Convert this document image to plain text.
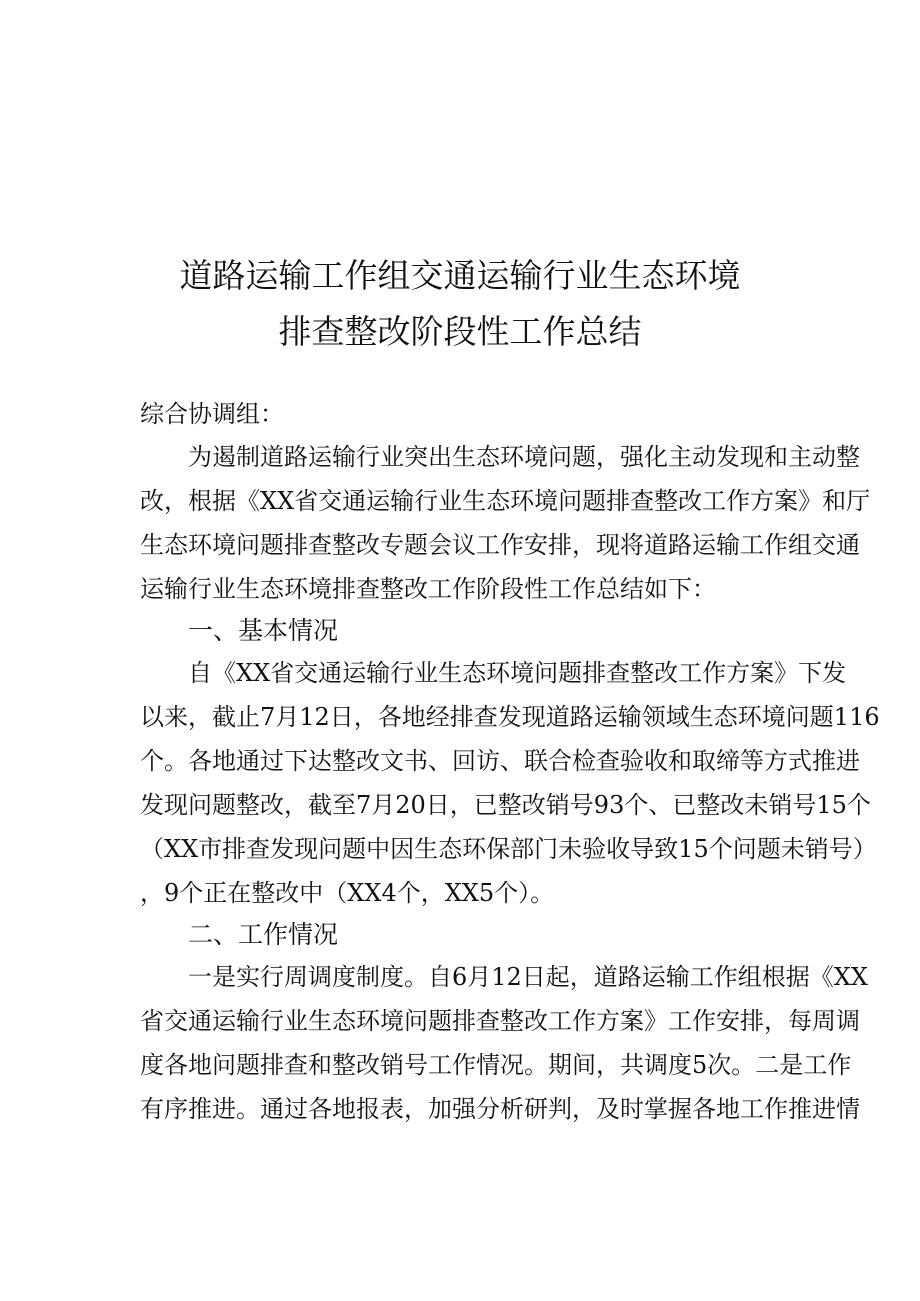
道路运输工作组交通运输行业生态环境
排查整改阶段性工作总结
综合协调组：
为遏制道路运输行业突出生态环境问题，强化主动发现和主动整
改，根据《XX省交通运输行业生态环境问题排查整改工作方案》和厅
生态环境问题排查整改专题会议工作安排，现将道路运输工作组交通
运输行业生态环境排查整改工作阶段性工作总结如下：
一、基本情况
自《XX省交通运输行业生态环境问题排查整改工作方案》下发
以来，截止7月12日，各地经排查发现道路运输领域生态环境问题116
个。各地通过下达整改文书、回访、联合检查验收和取缔等方式推进
发现问题整改，截至7月20日，已整改销号93个、已整改未销号15个
（XX市排查发现问题中因生态环保部门未验收导致15个问题未销号）
，9个正在整改中（XX4个，XX5个）。
二、工作情况
一是实行周调度制度。自6月12日起，道路运输工作组根据《XX
省交通运输行业生态环境问题排查整改工作方案》工作安排，每周调
度各地问题排查和整改销号工作情况。期间，共调度5次。二是工作
有序推进。通过各地报表，加强分析研判，及时掌握各地工作推进情
